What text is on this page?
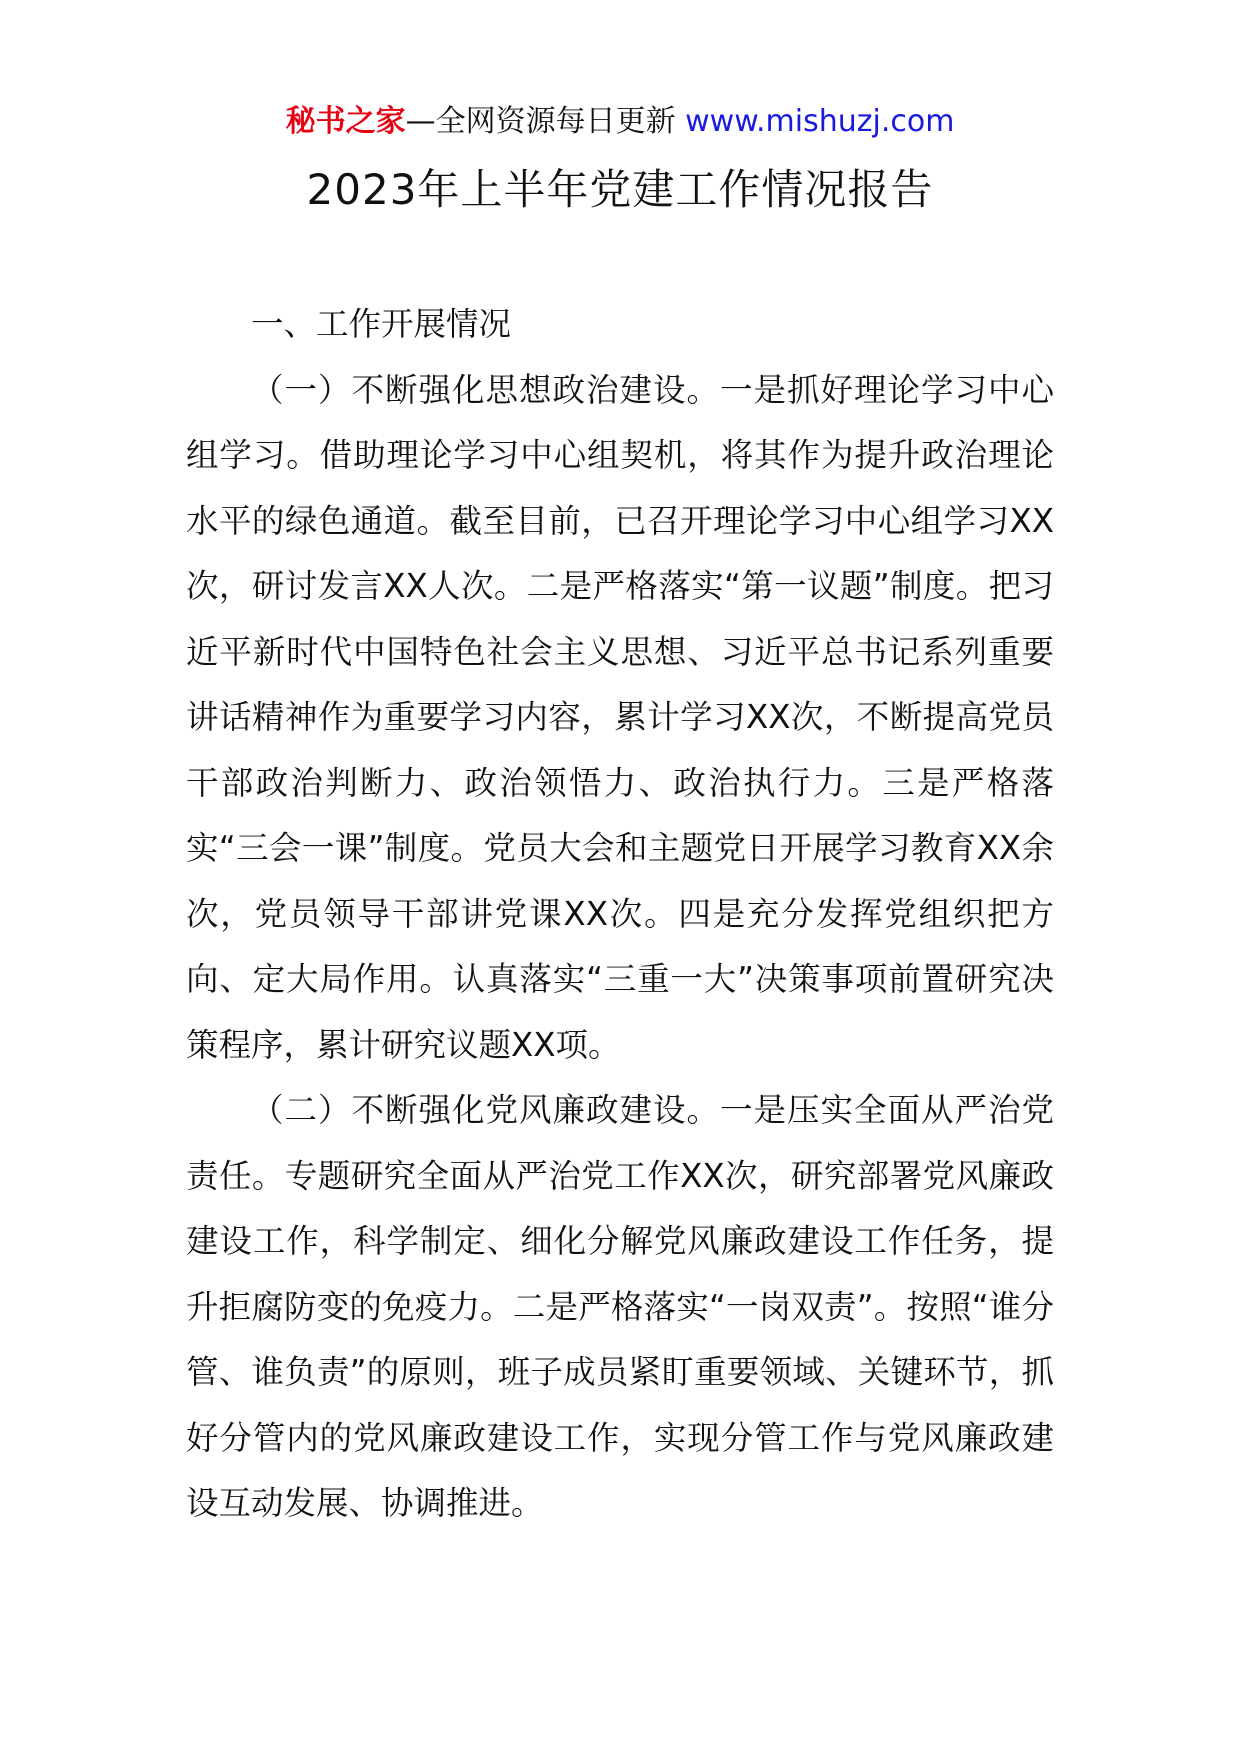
秘书之家—全网资源每日更新 www.mishuzj.com
2023年上半年党建工作情况报告

一、工作开展情况

（一）不断强化思想政治建设。一是抓好理论学习中心组学习。借助理论学习中心组契机，将其作为提升政治理论水平的绿色通道。截至目前，已召开理论学习中心组学习XX次，研讨发言XX人次。二是严格落实“第一议题”制度。把习近平新时代中国特色社会主义思想、习近平总书记系列重要讲话精神作为重要学习内容，累计学习XX次，不断提高党员干部政治判断力、政治领悟力、政治执行力。三是严格落实“三会一课”制度。党员大会和主题党日开展学习教育XX余次，党员领导干部讲党课XX次。四是充分发挥党组织把方向、定大局作用。认真落实“三重一大”决策事项前置研究决策程序，累计研究议题XX项。

（二）不断强化党风廉政建设。一是压实全面从严治党责任。专题研究全面从严治党工作XX次，研究部署党风廉政建设工作，科学制定、细化分解党风廉政建设工作任务，提升拒腐防变的免疫力。二是严格落实“一岗双责”。按照“谁分管、谁负责”的原则，班子成员紧盯重要领域、关键环节，抓好分管内的党风廉政建设工作，实现分管工作与党风廉政建设互动发展、协调推进。
